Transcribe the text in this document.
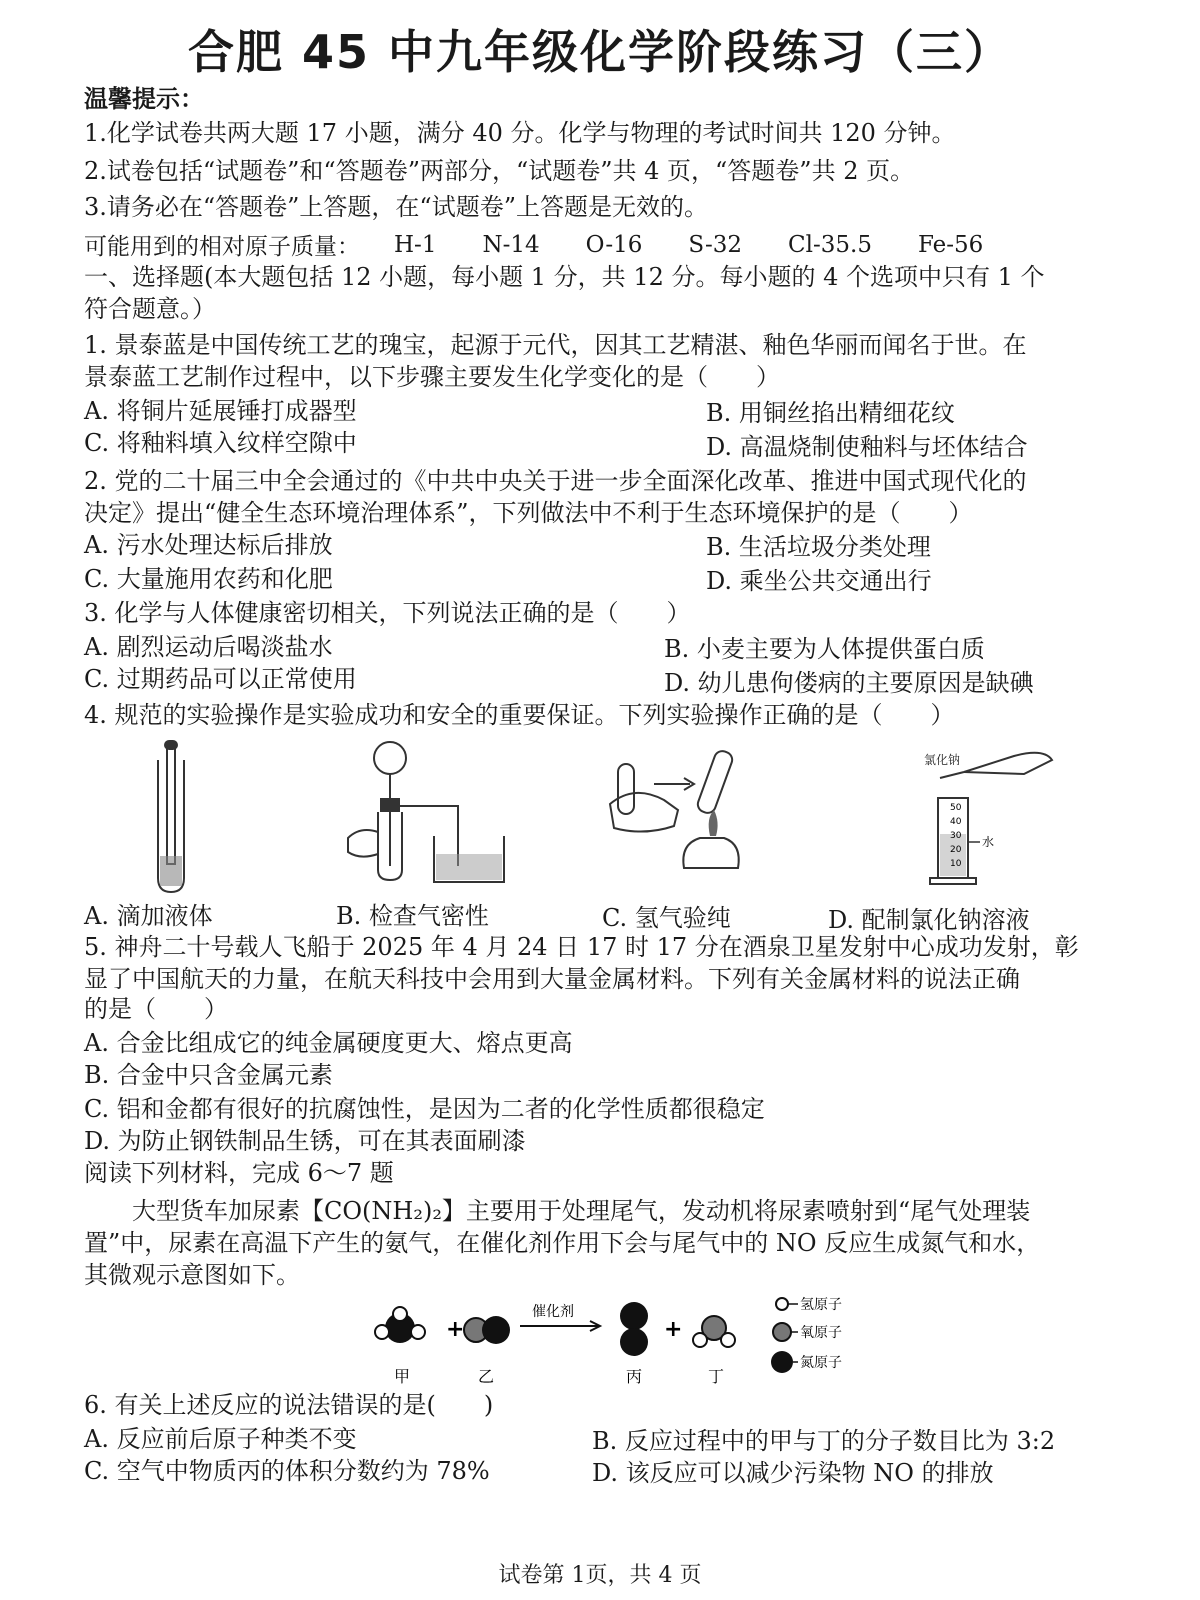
合肥 45 中九年级化学阶段练习（三）
温馨提示：
1.化学试卷共两大题 17 小题，满分 40 分。化学与物理的考试时间共 120 分钟。
2.试卷包括“试题卷”和“答题卷”两部分，“试题卷”共 4 页，“答题卷”共 2 页。
3.请务必在“答题卷”上答题，在“试题卷”上答题是无效的。
可能用到的相对原子质量： H-1 N-14 O-16 S-32 Cl-35.5 Fe-56
一、选择题(本大题包括 12 小题，每小题 1 分，共 12 分。每小题的 4 个选项中只有 1 个
符合题意。）
1. 景泰蓝是中国传统工艺的瑰宝，起源于元代，因其工艺精湛、釉色华丽而闻名于世。在
景泰蓝工艺制作过程中，以下步骤主要发生化学变化的是（　　）
A. 将铜片延展锤打成器型	B. 用铜丝掐出精细花纹
C. 将釉料填入纹样空隙中	D. 高温烧制使釉料与坯体结合
2. 党的二十届三中全会通过的《中共中央关于进一步全面深化改革、推进中国式现代化的
决定》提出“健全生态环境治理体系”，下列做法中不利于生态环境保护的是（　　）
A. 污水处理达标后排放	B. 生活垃圾分类处理
C. 大量施用农药和化肥	D. 乘坐公共交通出行
3. 化学与人体健康密切相关，下列说法正确的是（　　）
A. 剧烈运动后喝淡盐水	B. 小麦主要为人体提供蛋白质
C. 过期药品可以正常使用	D. 幼儿患佝偻病的主要原因是缺碘
4. 规范的实验操作是实验成功和安全的重要保证。下列实验操作正确的是（　　）
氯化钠
50
40
30
20
10
水
A. 滴加液体	B. 检查气密性	C. 氢气验纯	D. 配制氯化钠溶液
5. 神舟二十号载人飞船于 2025 年 4 月 24 日 17 时 17 分在酒泉卫星发射中心成功发射，彰
显了中国航天的力量，在航天科技中会用到大量金属材料。下列有关金属材料的说法正确
的是（　　）
A. 合金比组成它的纯金属硬度更大、熔点更高
B. 合金中只含金属元素
C. 铝和金都有很好的抗腐蚀性，是因为二者的化学性质都很稳定
D. 为防止钢铁制品生锈，可在其表面刷漆
阅读下列材料，完成 6～7 题
大型货车加尿素【CO(NH₂)₂】主要用于处理尾气，发动机将尿素喷射到“尾气处理装
置”中，尿素在高温下产生的氨气，在催化剂作用下会与尾气中的 NO 反应生成氮气和水，
其微观示意图如下。
+
催化剂
+
甲	乙	丙	丁
氢原子
氧原子
氮原子
6. 有关上述反应的说法错误的是(　　)
A. 反应前后原子种类不变	B. 反应过程中的甲与丁的分子数目比为 3:2
C. 空气中物质丙的体积分数约为 78%	D. 该反应可以减少污染物 NO 的排放
试卷第 1页，共 4 页
